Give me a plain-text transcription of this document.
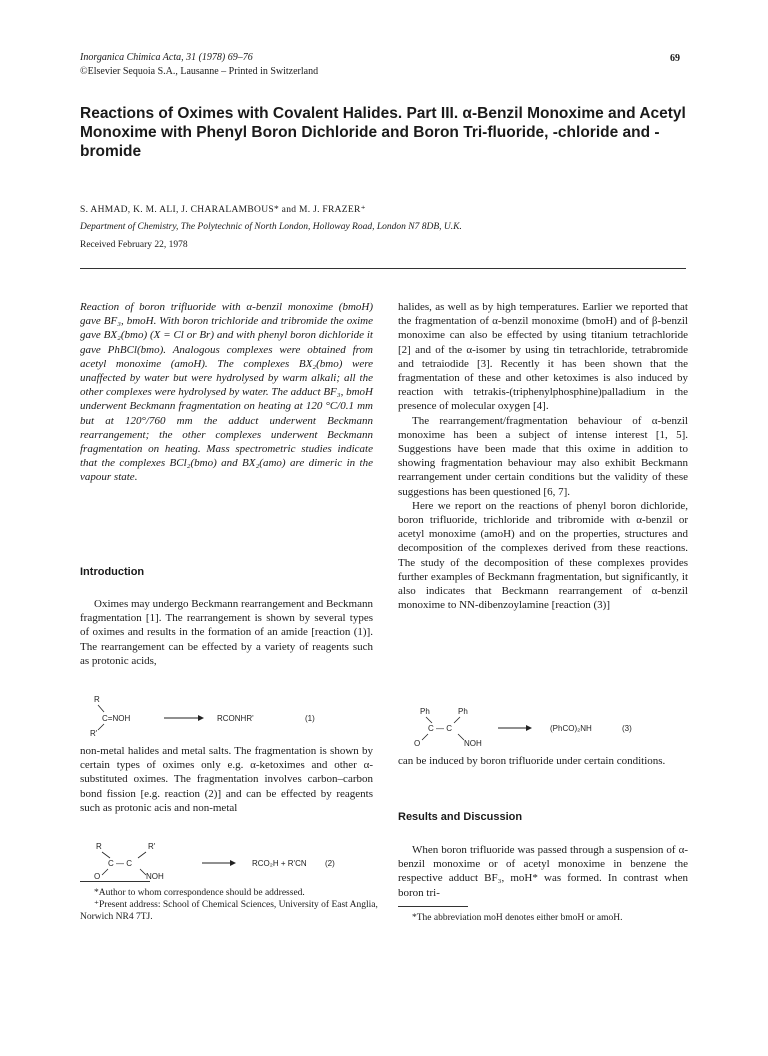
Inorganica Chimica Acta, 31 (1978) 69–76
©Elsevier Sequoia S.A., Lausanne – Printed in Switzerland
69
Reactions of Oximes with Covalent Halides. Part III. α-Benzil Monoxime and Acetyl Monoxime with Phenyl Boron Dichloride and Boron Tri-fluoride, -chloride and -bromide
S. AHMAD, K. M. ALI, J. CHARALAMBOUS* and M. J. FRAZER⁺
Department of Chemistry, The Polytechnic of North London, Holloway Road, London N7 8DB, U.K.
Received February 22, 1978
Reaction of boron trifluoride with α-benzil monoxime (bmoH) gave BF₃, bmoH. With boron trichloride and tribromide the oxime gave BX₂(bmo) (X = Cl or Br) and with phenyl boron dichloride it gave PhBCl(bmo). Analogous complexes were obtained from acetyl monoxime (amoH). The complexes BX₂(bmo) were unaffected by water but were hydrolysed by warm alkali; all the other complexes were hydrolysed by water. The adduct BF₃, bmoH underwent Beckmann fragmentation on heating at 120 °C/0.1 mm but at 120°/760 mm the adduct underwent Beckmann rearrangement; the other complexes underwent Beckmann fragmentation on heating. Mass spectrometric studies indicate that the complexes BCl₂(bmo) and BX₂(amo) are dimeric in the vapour state.
Introduction
Oximes may undergo Beckmann rearrangement and Beckmann fragmentation [1]. The rearrangement is shown by several types of oximes and results in the formation of an amide [reaction (1)]. The rearrangement can be effected by a variety of reagents such as protonic acids,
R
C=NOH
R'
RCONHR'	(1)
non-metal halides and metal salts. The fragmentation is shown by certain types of oximes only e.g. α-ketoximes and other α-substituted oximes. The fragmentation involves carbon–carbon bond fission [e.g. reaction (2)] and can be effected by reagents such as protonic acis and non-metal
R	R'
C — C
O	NOH
RCO₂H + R'CN (2)
halides, as well as by high temperatures. Earlier we reported that the fragmentation of α-benzil monoxime (bmoH) and of β-benzil monoxime can also be effected by using titanium tetrachloride [2] and of the α-isomer by using tin tetrachloride, tetrabromide and tetraiodide [3]. Recently it has been shown that the fragmentation of these and other ketoximes is also induced by reaction with tetrakis-(triphenylphosphine)palladium in the presence of molecular oxygen [4].
The rearrangement/fragmentation behaviour of α-benzil monoxime has been a subject of intense interest [1, 5]. Suggestions have been made that this oxime in addition to showing fragmentation behaviour may also exhibit Beckmann rearrangement under certain conditions but the validity of these suggestions has been questioned [6, 7].
Here we report on the reactions of phenyl boron dichloride, boron trifluoride, trichloride and tribromide with α-benzil or acetyl monoxime (amoH) and on the properties, structures and decomposition of the complexes derived from these reactions. The study of the decomposition of these complexes provides further examples of Beckmann fragmentation, but significantly, it also indicates that Beckmann rearrangement of α-benzil monoxime to NN-dibenzoylamine [reaction (3)]
Ph	Ph
C — C
O	NOH
(PhCO)₂NH	(3)
can be induced by boron trifluoride under certain conditions.
Results and Discussion
When boron trifluoride was passed through a suspension of α-benzil monoxime or of acetyl monoxime in benzene the respective adduct BF₃, moH* was formed. In contrast when boron tri-
*Author to whom correspondence should be addressed.
⁺Present address: School of Chemical Sciences, University of East Anglia, Norwich NR4 7TJ.	*The abbreviation moH denotes either bmoH or amoH.
